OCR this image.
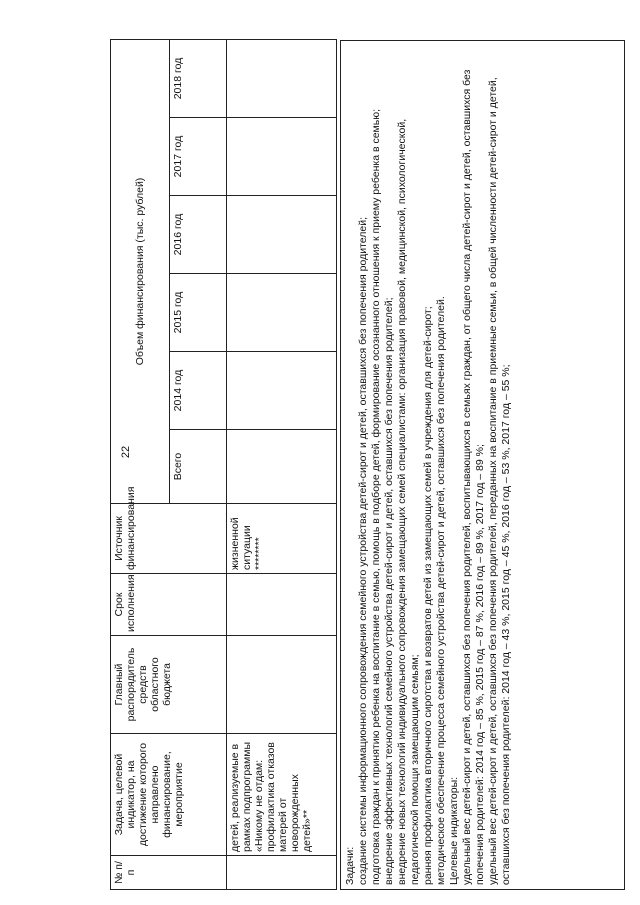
22
№ п/п	Задача, целевой индикатор, на достижение которого направлено финансирование, мероприятие	Главный распорядитель средств областного бюджета	Срок исполнения	Источник финансирования	Объем финансирования (тыс. рублей)					
					Всего	2014 год	2015 год	2016 год	2017 год	2018 год
	детей, реализуемые в рамках подпрограммы «Никому не отдам: профилактика отказов матерей от новорожденных детей»**			жизненной ситуации ********						

Задачи: создание системы информационного сопровождения семейного устройства детей-сирот и детей, оставшихся без попечения родителей; подготовка граждан к принятию ребенка на воспитание в семью, помощь в подборе детей, формирование осознанного отношения к приему ребенка в семью; внедрение эффективных технологий семейного устройства детей-сирот и детей, оставшихся без попечения родителей; внедрение новых технологий индивидуального сопровождения замещающих семей специалистами: организация правовой, медицинской, психологической, педагогической помощи замещающим семьям; ранняя профилактика вторичного сиротства и возвратов детей из замещающих семей в учреждения для детей-сирот; методическое обеспечение процесса семейного устройства детей-сирот и детей, оставшихся без попечения родителей. Целевые индикаторы: удельный вес детей-сирот и детей, оставшихся без попечения родителей, воспитывающихся в семьях граждан, от общего числа детей-сирот и детей, оставшихся без попечения родителей: 2014 год – 85 %, 2015 год – 87 %, 2016 год – 89 %, 2017 год – 89 %; удельный вес детей-сирот и детей, оставшихся без попечения родителей, переданных на воспитание в приемные семьи, в общей численности детей-сирот и детей, оставшихся без попечения родителей: 2014 год – 43 %, 2015 год – 45 %, 2016 год – 53 %, 2017 год – 55 %;
